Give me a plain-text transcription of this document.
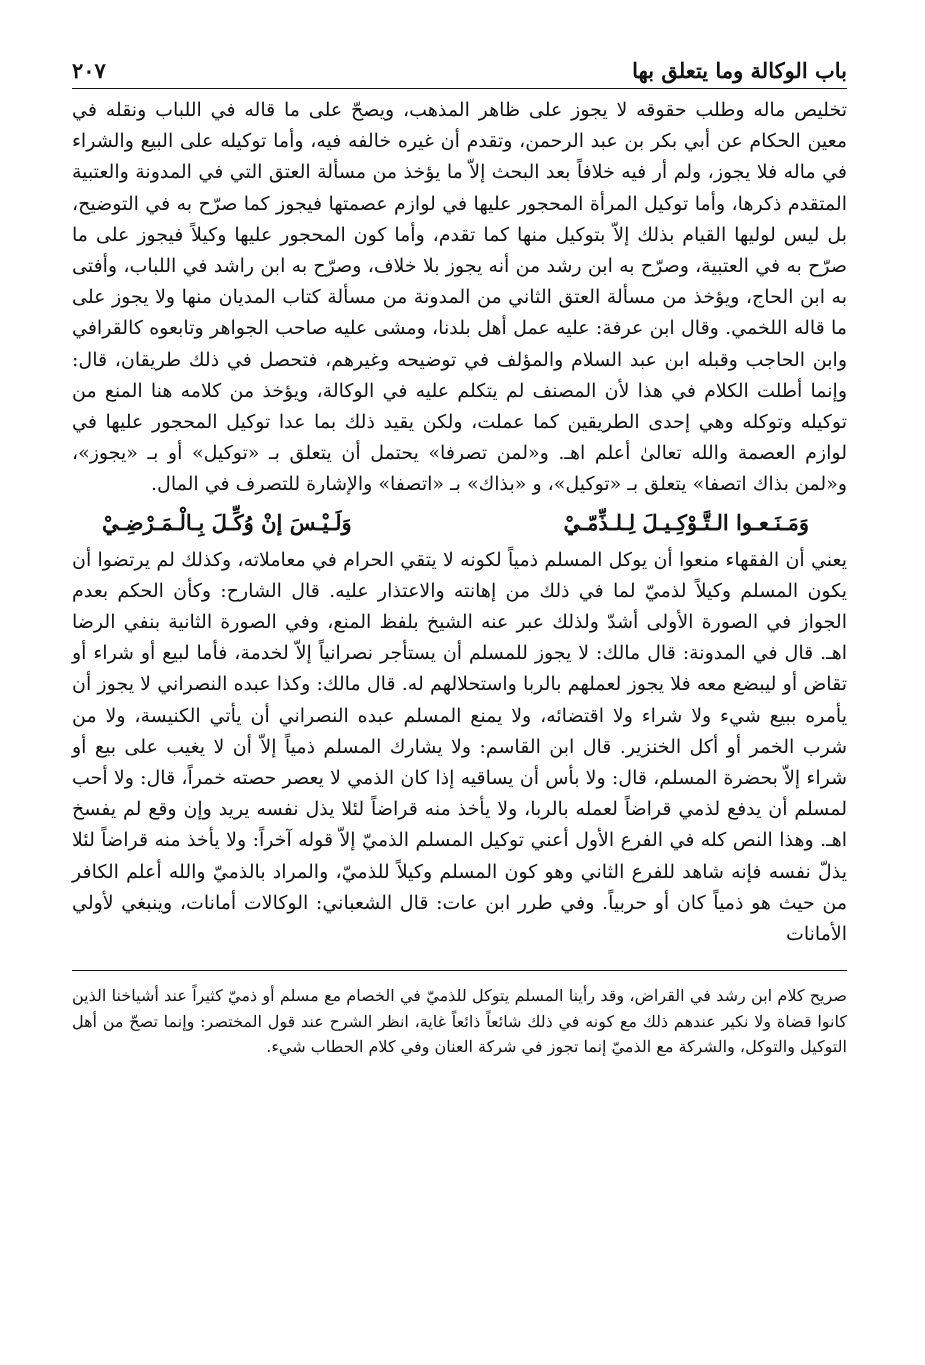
باب الوكالة وما يتعلق بها
٢٠٧

تخليص ماله وطلب حقوقه لا يجوز على ظاهر المذهب، ويصحّ على ما قاله في اللباب ونقله في معين الحكام عن أبي بكر بن عبد الرحمن، وتقدم أن غيره خالفه فيه، وأما توكيله على البيع والشراء في ماله فلا يجوز، ولم أر فيه خلافاً بعد البحث إلاّ ما يؤخذ من مسألة العتق التي في المدونة والعتبية المتقدم ذكرها، وأما توكيل المرأة المحجور عليها في لوازم عصمتها فيجوز كما صرّح به في التوضيح، بل ليس لوليها القيام بذلك إلاّ بتوكيل منها كما تقدم، وأما كون المحجور عليها وكيلاً فيجوز على ما صرّح به في العتبية، وصرّح به ابن رشد من أنه يجوز بلا خلاف، وصرّح به ابن راشد في اللباب، وأفتى به ابن الحاج، ويؤخذ من مسألة العتق الثاني من المدونة من مسألة كتاب المديان منها ولا يجوز على ما قاله اللخمي. وقال ابن عرفة: عليه عمل أهل بلدنا، ومشى عليه صاحب الجواهر وتابعوه كالقرافي وابن الحاجب وقبله ابن عبد السلام والمؤلف في توضيحه وغيرهم، فتحصل في ذلك طريقان، قال: وإنما أطلت الكلام في هذا لأن المصنف لم يتكلم عليه في الوكالة، ويؤخذ من كلامه هنا المنع من توكيله وتوكله وهي إحدى الطريقين كما عملت، ولكن يقيد ذلك بما عدا توكيل المحجور عليها في لوازم العصمة والله تعالىٰ أعلم اهـ. و«لمن تصرفا» يحتمل أن يتعلق بـ «توكيل» أو بـ «يجوز»، و«لمن بذاك اتصفا» يتعلق بـ «توكيل»، و «بذاك» بـ «اتصفا» والإشارة للتصرف في المال.

وَمَـنَـعـوا الـتَّـوْكِـيـلَ لِـلـذِّمّـيْ
وَلَـيْـسَ إنْ وُكِّـلَ بِـالْـمَـرْضِـيْ

يعني أن الفقهاء منعوا أن يوكل المسلم ذمياً لكونه لا يتقي الحرام في معاملاته، وكذلك لم يرتضوا أن يكون المسلم وكيلاً لذميّ لما في ذلك من إهانته والاعتذار عليه. قال الشارح: وكأن الحكم بعدم الجواز في الصورة الأولى أشدّ ولذلك عبر عنه الشيخ بلفظ المنع، وفي الصورة الثانية بنفي الرضا اهـ. قال في المدونة: قال مالك: لا يجوز للمسلم أن يستأجر نصرانياً إلاّ لخدمة، فأما لبيع أو شراء أو تقاض أو ليبضع معه فلا يجوز لعملهم بالربا واستحلالهم له. قال مالك: وكذا عبده النصراني لا يجوز أن يأمره ببيع شيء ولا شراء ولا اقتضائه، ولا يمنع المسلم عبده النصراني أن يأتي الكنيسة، ولا من شرب الخمر أو أكل الخنزير. قال ابن القاسم: ولا يشارك المسلم ذمياً إلاّ أن لا يغيب على بيع أو شراء إلاّ بحضرة المسلم، قال: ولا بأس أن يساقيه إذا كان الذمي لا يعصر حصته خمراً، قال: ولا أحب لمسلم أن يدفع لذمي قراضاً لعمله بالربا، ولا يأخذ منه قراضاً لئلا يذل نفسه يريد وإن وقع لم يفسخ اهـ. وهذا النص كله في الفرع الأول أعني توكيل المسلم الذميّ إلاّ قوله آخراً: ولا يأخذ منه قراضاً لئلا يذلّ نفسه فإنه شاهد للفرع الثاني وهو كون المسلم وكيلاً للذميّ، والمراد بالذميّ والله أعلم الكافر من حيث هو ذمياً كان أو حربياً. وفي طرر ابن عات: قال الشعباني: الوكالات أمانات، وينبغي لأولي الأمانات

صريح كلام ابن رشد في القراض، وقد رأينا المسلم يتوكل للذميّ في الخصام مع مسلم أو ذميّ كثيراً عند أشياخنا الذين كانوا قضاة ولا نكير عندهم ذلك مع كونه في ذلك شائعاً ذائعاً غاية، انظر الشرح عند قول المختصر: وإنما تصحّ من أهل التوكيل والتوكل، والشركة مع الذميّ إنما تجوز في شركة العنان وفي كلام الحطاب شيء.
